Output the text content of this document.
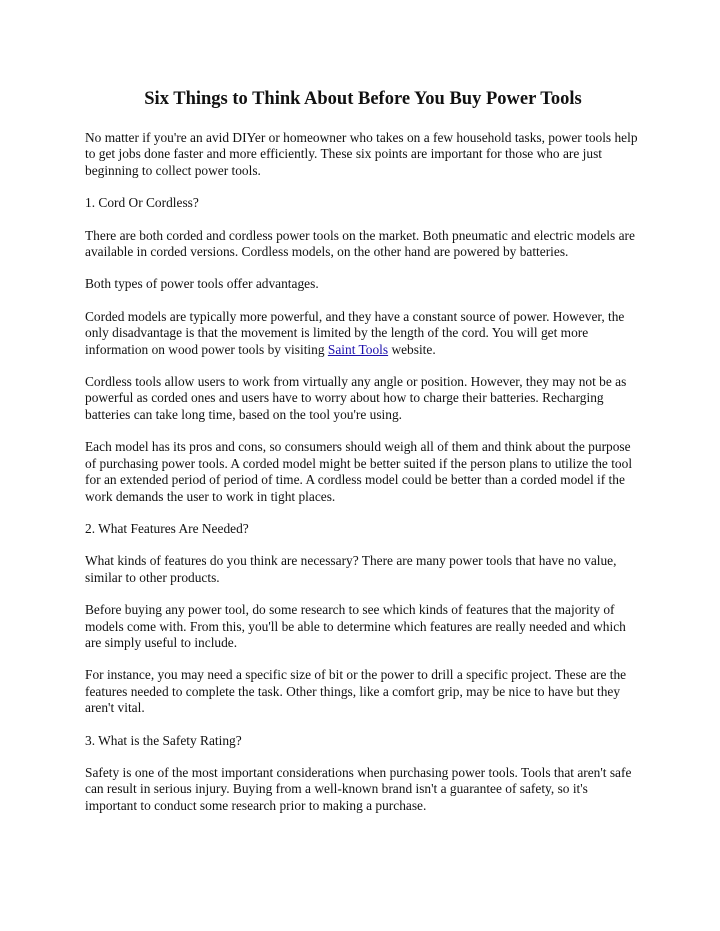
Six Things to Think About Before You Buy Power Tools

No matter if you're an avid DIYer or homeowner who takes on a few household tasks, power tools help to get jobs done faster and more efficiently. These six points are important for those who are just beginning to collect power tools.

1. Cord Or Cordless?

There are both corded and cordless power tools on the market. Both pneumatic and electric models are available in corded versions. Cordless models, on the other hand are powered by batteries.

Both types of power tools offer advantages.

Corded models are typically more powerful, and they have a constant source of power. However, the only disadvantage is that the movement is limited by the length of the cord. You will get more information on wood power tools by visiting Saint Tools website.

Cordless tools allow users to work from virtually any angle or position. However, they may not be as powerful as corded ones and users have to worry about how to charge their batteries. Recharging batteries can take long time, based on the tool you're using.

Each model has its pros and cons, so consumers should weigh all of them and think about the purpose of purchasing power tools. A corded model might be better suited if the person plans to utilize the tool for an extended period of period of time. A cordless model could be better than a corded model if the work demands the user to work in tight places.

2. What Features Are Needed?

What kinds of features do you think are necessary? There are many power tools that have no value, similar to other products.

Before buying any power tool, do some research to see which kinds of features that the majority of models come with. From this, you'll be able to determine which features are really needed and which are simply useful to include.

For instance, you may need a specific size of bit or the power to drill a specific project. These are the features needed to complete the task. Other things, like a comfort grip, may be nice to have but they aren't vital.

3. What is the Safety Rating?

Safety is one of the most important considerations when purchasing power tools. Tools that aren't safe can result in serious injury. Buying from a well-known brand isn't a guarantee of safety, so it's important to conduct some research prior to making a purchase.
